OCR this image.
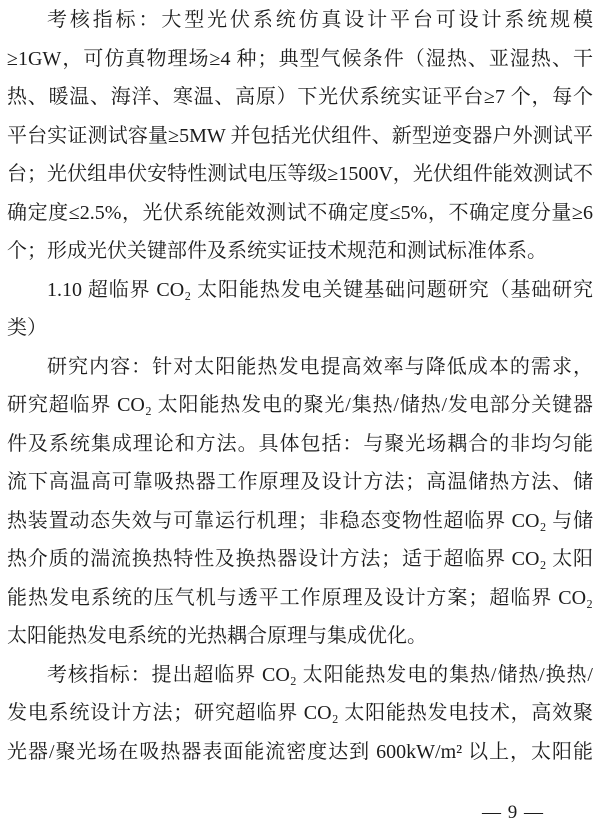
考核指标：大型光伏系统仿真设计平台可设计系统规模
≥1GW，可仿真物理场≥4 种；典型气候条件（湿热、亚湿热、干
热、暖温、海洋、寒温、高原）下光伏系统实证平台≥7 个，每个
平台实证测试容量≥5MW 并包括光伏组件、新型逆变器户外测试平
台；光伏组串伏安特性测试电压等级≥1500V，光伏组件能效测试不
确定度≤2.5%，光伏系统能效测试不确定度≤5%，不确定度分量≥6
个；形成光伏关键部件及系统实证技术规范和测试标准体系。
1.10 超临界 CO₂ 太阳能热发电关键基础问题研究（基础研究
类）
研究内容：针对太阳能热发电提高效率与降低成本的需求，
研究超临界 CO₂ 太阳能热发电的聚光/集热/储热/发电部分关键器
件及系统集成理论和方法。具体包括：与聚光场耦合的非均匀能
流下高温高可靠吸热器工作原理及设计方法；高温储热方法、储
热装置动态失效与可靠运行机理；非稳态变物性超临界 CO₂ 与储
热介质的湍流换热特性及换热器设计方法；适于超临界 CO₂ 太阳
能热发电系统的压气机与透平工作原理及设计方案；超临界 CO₂
太阳能热发电系统的光热耦合原理与集成优化。
考核指标：提出超临界 CO₂ 太阳能热发电的集热/储热/换热/
发电系统设计方法；研究超临界 CO₂ 太阳能热发电技术，高效聚
光器/聚光场在吸热器表面能流密度达到 600kW/m² 以上，太阳能
— 9 —
